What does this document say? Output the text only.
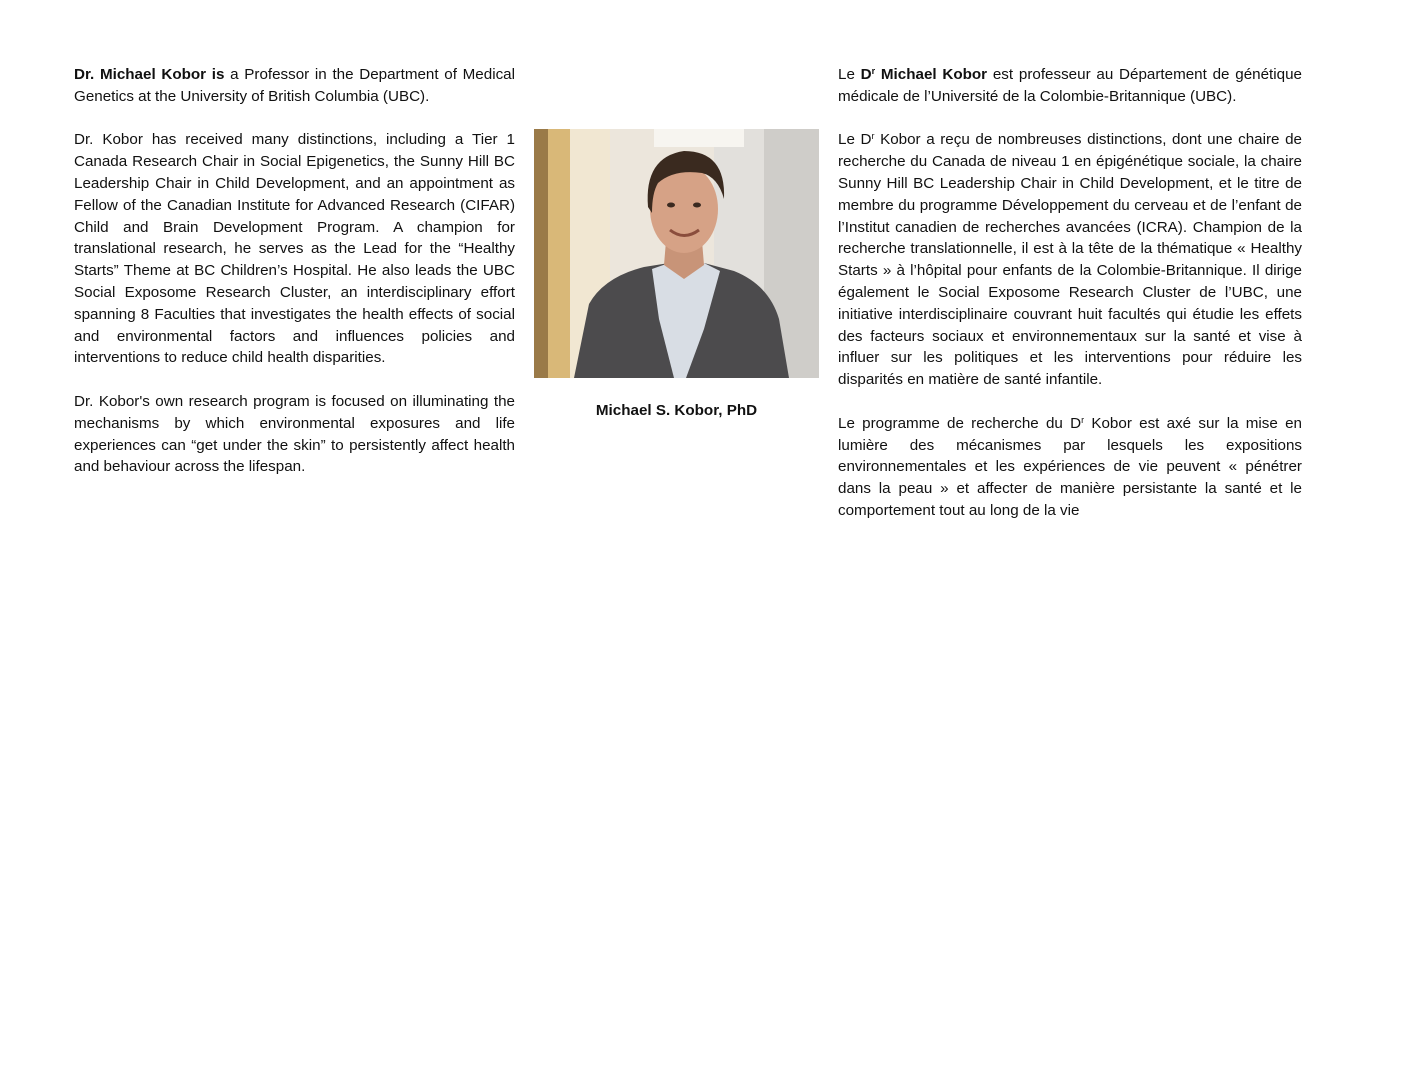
Dr. Michael Kobor is a Professor in the Department of Medical Genetics at the University of British Columbia (UBC).

Dr. Kobor has received many distinctions, including a Tier 1 Canada Research Chair in Social Epigenetics, the Sunny Hill BC Leadership Chair in Child Development, and an appointment as Fellow of the Canadian Institute for Advanced Research (CIFAR) Child and Brain Development Program. A champion for translational research, he serves as the Lead for the “Healthy Starts” Theme at BC Children’s Hospital. He also leads the UBC Social Exposome Research Cluster, an interdisciplinary effort spanning 8 Faculties that investigates the health effects of social and environmental factors and influences policies and interventions to reduce child health disparities.

Dr. Kobor's own research program is focused on illuminating the mechanisms by which environmental exposures and life experiences can “get under the skin” to persistently affect health and behaviour across the lifespan.

Michael S. Kobor, PhD

Le $D^r$ Michael Kobor est professeur au Département de génétique médicale de l’Université de la Colombie-Britannique (UBC).

Le $D^r$ Kobor a reçu de nombreuses distinctions, dont une chaire de recherche du Canada de niveau 1 en épigénétique sociale, la chaire Sunny Hill BC Leadership Chair in Child Development, et le titre de membre du programme Développement du cerveau et de l’enfant de l’Institut canadien de recherches avancées (ICRA). Champion de la recherche translationnelle, il est à la tête de la thématique « Healthy Starts » à l’hôpital pour enfants de la Colombie-Britannique. Il dirige également le Social Exposome Research Cluster de l’UBC, une initiative interdisciplinaire couvrant huit facultés qui étudie les effets des facteurs sociaux et environnementaux sur la santé et vise à influer sur les politiques et les interventions pour réduire les disparités en matière de santé infantile.

Le programme de recherche du $D^r$ Kobor est axé sur la mise en lumière des mécanismes par lesquels les expositions environnementales et les expériences de vie peuvent « pénétrer dans la peau » et affecter de manière persistante la santé et le comportement tout au long de la vie
